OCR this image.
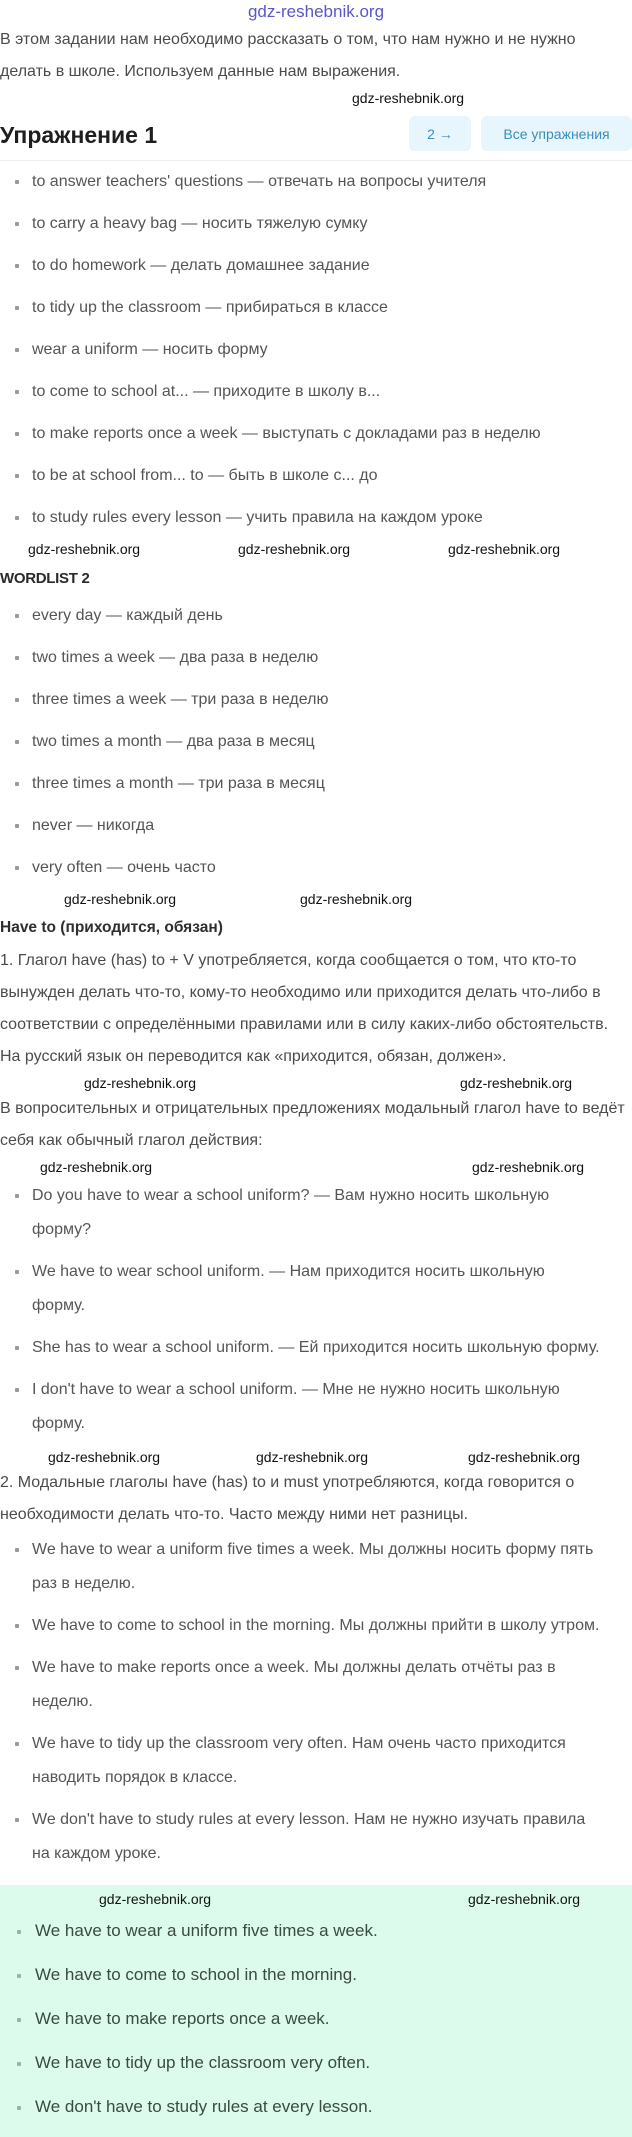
gdz-reshebnik.org

В этом задании нам необходимо рассказать о том, что нам нужно и не нужно делать в школе. Используем данные нам выражения.

gdz-reshebnik.org
Упражнение 1	2 →	Все упражнения
to answer teachers' questions — отвечать на вопросы учителя
to carry a heavy bag — носить тяжелую сумку
to do homework — делать домашнее задание
to tidy up the classroom — прибираться в классе
wear a uniform — носить форму
to come to school at... — приходите в школу в...
to make reports once a week — выступать с докладами раз в неделю
to be at school from... to — быть в школе с... до
to study rules every lesson — учить правила на каждом уроке
gdz-reshebnik.org	gdz-reshebnik.org	gdz-reshebnik.org
WORDLIST 2
every day — каждый день
two times a week — два раза в неделю
three times a week — три раза в неделю
two times a month — два раза в месяц
three times a month — три раза в месяц
never — никогда
very often — очень часто
gdz-reshebnik.org	gdz-reshebnik.org
Have to (приходится, обязан)

1. Глагол have (has) to + V употребляется, когда сообщается о том, что кто-то вынужден делать что-то, кому-то необходимо или приходится делать что-либо в соответствии с определёнными правилами или в силу каких-либо обстоятельств. На русский язык он переводится как «приходится, обязан, должен».

gdz-reshebnik.org	gdz-reshebnik.org

В вопросительных и отрицательных предложениях модальный глагол have to ведёт себя как обычный глагол действия:

gdz-reshebnik.org	gdz-reshebnik.org
Do you have to wear a school uniform? — Вам нужно носить школьную форму?
We have to wear school uniform. — Нам приходится носить школьную форму.
She has to wear a school uniform. — Ей приходится носить школьную форму.
I don't have to wear a school uniform. — Мне не нужно носить школьную форму.
gdz-reshebnik.org	gdz-reshebnik.org	gdz-reshebnik.org

2. Модальные глаголы have (has) to и must употребляются, когда говорится о необходимости делать что-то. Часто между ними нет разницы.

We have to wear a uniform five times a week. Мы должны носить форму пять раз в неделю.
We have to come to school in the morning. Мы должны прийти в школу утром.
We have to make reports once a week. Мы должны делать отчёты раз в неделю.
We have to tidy up the classroom very often. Нам очень часто приходится наводить порядок в классе.
We don't have to study rules at every lesson. Нам не нужно изучать правила на каждом уроке.
gdz-reshebnik.org	gdz-reshebnik.org
We have to wear a uniform five times a week.
We have to come to school in the morning.
We have to make reports once a week.
We have to tidy up the classroom very often.
We don't have to study rules at every lesson.
